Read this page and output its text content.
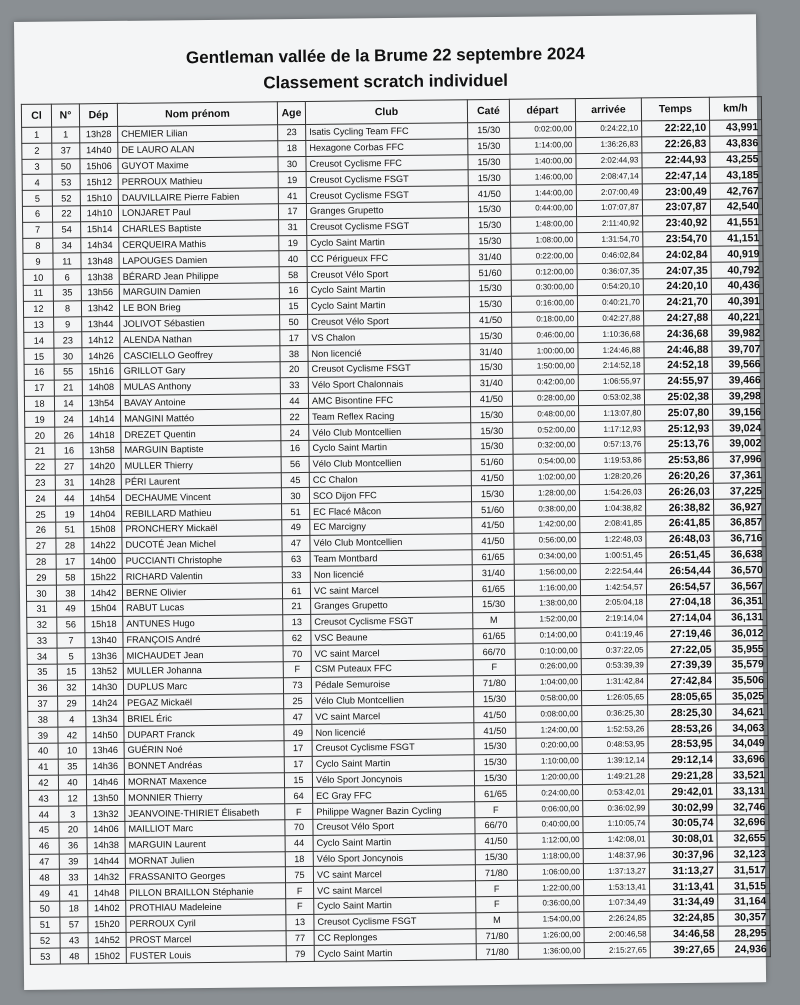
Gentleman vallée de la Brume 22 septembre 2024
Classement scratch individuel
Cl	N°	Dép	Nom prénom	Age	Club	Caté	départ	arrivée	Temps	km/h
1	1	13h28	CHEMIER Lilian	23	Isatis Cycling Team FFC	15/30	0:02:00,00	0:24:22,10	22:22,10	43,991
2	37	14h40	DE LAURO ALAN	18	Hexagone Corbas FFC	15/30	1:14:00,00	1:36:26,83	22:26,83	43,836
3	50	15h06	GUYOT Maxime	30	Creusot Cyclisme FFC	15/30	1:40:00,00	2:02:44,93	22:44,93	43,255
4	53	15h12	PERROUX Mathieu	19	Creusot Cyclisme FSGT	15/30	1:46:00,00	2:08:47,14	22:47,14	43,185
5	52	15h10	DAUVILLAIRE Pierre Fabien	41	Creusot Cyclisme FSGT	41/50	1:44:00,00	2:07:00,49	23:00,49	42,767
6	22	14h10	LONJARET Paul	17	Granges Grupetto	15/30	0:44:00,00	1:07:07,87	23:07,87	42,540
7	54	15h14	CHARLES Baptiste	31	Creusot Cyclisme FSGT	15/30	1:48:00,00	2:11:40,92	23:40,92	41,551
8	34	14h34	CERQUEIRA Mathis	19	Cyclo Saint Martin	15/30	1:08:00,00	1:31:54,70	23:54,70	41,151
9	11	13h48	LAPOUGES Damien	40	CC Périgueux FFC	31/40	0:22:00,00	0:46:02,84	24:02,84	40,919
10	6	13h38	BÉRARD Jean Philippe	58	Creusot Vélo Sport	51/60	0:12:00,00	0:36:07,35	24:07,35	40,792
11	35	13h56	MARGUIN Damien	16	Cyclo Saint Martin	15/30	0:30:00,00	0:54:20,10	24:20,10	40,436
12	8	13h42	LE BON Brieg	15	Cyclo Saint Martin	15/30	0:16:00,00	0:40:21,70	24:21,70	40,391
13	9	13h44	JOLIVOT Sébastien	50	Creusot Vélo Sport	41/50	0:18:00,00	0:42:27,88	24:27,88	40,221
14	23	14h12	ALENDA Nathan	17	VS Chalon	15/30	0:46:00,00	1:10:36,68	24:36,68	39,982
15	30	14h26	CASCIELLO Geoffrey	38	Non licencié	31/40	1:00:00,00	1:24:46,88	24:46,88	39,707
16	55	15h16	GRILLOT Gary	20	Creusot Cyclisme FSGT	15/30	1:50:00,00	2:14:52,18	24:52,18	39,566
17	21	14h08	MULAS Anthony	33	Vélo Sport Chalonnais	31/40	0:42:00,00	1:06:55,97	24:55,97	39,466
18	14	13h54	BAVAY Antoine	44	AMC Bisontine FFC	41/50	0:28:00,00	0:53:02,38	25:02,38	39,298
19	24	14h14	MANGINI Mattéo	22	Team Reflex Racing	15/30	0:48:00,00	1:13:07,80	25:07,80	39,156
20	26	14h18	DREZET Quentin	24	Vélo Club Montcellien	15/30	0:52:00,00	1:17:12,93	25:12,93	39,024
21	16	13h58	MARGUIN Baptiste	16	Cyclo Saint Martin	15/30	0:32:00,00	0:57:13,76	25:13,76	39,002
22	27	14h20	MULLER Thierry	56	Vélo Club Montcellien	51/60	0:54:00,00	1:19:53,86	25:53,86	37,996
23	31	14h28	PÉRI Laurent	45	CC Chalon	41/50	1:02:00,00	1:28:20,26	26:20,26	37,361
24	44	14h54	DECHAUME Vincent	30	SCO Dijon FFC	15/30	1:28:00,00	1:54:26,03	26:26,03	37,225
25	19	14h04	REBILLARD Mathieu	51	EC Flacé Mâcon	51/60	0:38:00,00	1:04:38,82	26:38,82	36,927
26	51	15h08	PRONCHERY Mickaël	49	EC Marcigny	41/50	1:42:00,00	2:08:41,85	26:41,85	36,857
27	28	14h22	DUCOTÉ Jean Michel	47	Vélo Club Montcellien	41/50	0:56:00,00	1:22:48,03	26:48,03	36,716
28	17	14h00	PUCCIANTI Christophe	63	Team Montbard	61/65	0:34:00,00	1:00:51,45	26:51,45	36,638
29	58	15h22	RICHARD Valentin	33	Non licencié	31/40	1:56:00,00	2:22:54,44	26:54,44	36,570
30	38	14h42	BERNE Olivier	61	VC saint Marcel	61/65	1:16:00,00	1:42:54,57	26:54,57	36,567
31	49	15h04	RABUT Lucas	21	Granges Grupetto	15/30	1:38:00,00	2:05:04,18	27:04,18	36,351
32	56	15h18	ANTUNES Hugo	13	Creusot Cyclisme FSGT	M	1:52:00,00	2:19:14,04	27:14,04	36,131
33	7	13h40	FRANÇOIS André	62	VSC Beaune	61/65	0:14:00,00	0:41:19,46	27:19,46	36,012
34	5	13h36	MICHAUDET Jean	70	VC saint Marcel	66/70	0:10:00,00	0:37:22,05	27:22,05	35,955
35	15	13h52	MULLER Johanna	F	CSM Puteaux FFC	F	0:26:00,00	0:53:39,39	27:39,39	35,579
36	32	14h30	DUPLUS Marc	73	Pédale Semuroise	71/80	1:04:00,00	1:31:42,84	27:42,84	35,506
37	29	14h24	PEGAZ Mickaël	25	Vélo Club Montcellien	15/30	0:58:00,00	1:26:05,65	28:05,65	35,025
38	4	13h34	BRIEL Éric	47	VC saint Marcel	41/50	0:08:00,00	0:36:25,30	28:25,30	34,621
39	42	14h50	DUPART Franck	49	Non licencié	41/50	1:24:00,00	1:52:53,26	28:53,26	34,063
40	10	13h46	GUÉRIN Noé	17	Creusot Cyclisme FSGT	15/30	0:20:00,00	0:48:53,95	28:53,95	34,049
41	35	14h36	BONNET Andréas	17	Cyclo Saint Martin	15/30	1:10:00,00	1:39:12,14	29:12,14	33,696
42	40	14h46	MORNAT Maxence	15	Vélo Sport Joncynois	15/30	1:20:00,00	1:49:21,28	29:21,28	33,521
43	12	13h50	MONNIER Thierry	64	EC Gray FFC	61/65	0:24:00,00	0:53:42,01	29:42,01	33,131
44	3	13h32	JEANVOINE-THIRIET Élisabeth	F	Philippe Wagner Bazin Cycling	F	0:06:00,00	0:36:02,99	30:02,99	32,746
45	20	14h06	MAILLIOT Marc	70	Creusot Vélo Sport	66/70	0:40:00,00	1:10:05,74	30:05,74	32,696
46	36	14h38	MARGUIN Laurent	44	Cyclo Saint Martin	41/50	1:12:00,00	1:42:08,01	30:08,01	32,655
47	39	14h44	MORNAT Julien	18	Vélo Sport Joncynois	15/30	1:18:00,00	1:48:37,96	30:37,96	32,123
48	33	14h32	FRASSANITO Georges	75	VC saint Marcel	71/80	1:06:00,00	1:37:13,27	31:13,27	31,517
49	41	14h48	PILLON BRAILLON Stéphanie	F	VC saint Marcel	F	1:22:00,00	1:53:13,41	31:13,41	31,515
50	18	14h02	PROTHIAU Madeleine	F	Cyclo Saint Martin	F	0:36:00,00	1:07:34,49	31:34,49	31,164
51	57	15h20	PERROUX Cyril	13	Creusot Cyclisme FSGT	M	1:54:00,00	2:26:24,85	32:24,85	30,357
52	43	14h52	PROST Marcel	77	CC Replonges	71/80	1:26:00,00	2:00:46,58	34:46,58	28,295
53	48	15h02	FUSTER Louis	79	Cyclo Saint Martin	71/80	1:36:00,00	2:15:27,65	39:27,65	24,936
